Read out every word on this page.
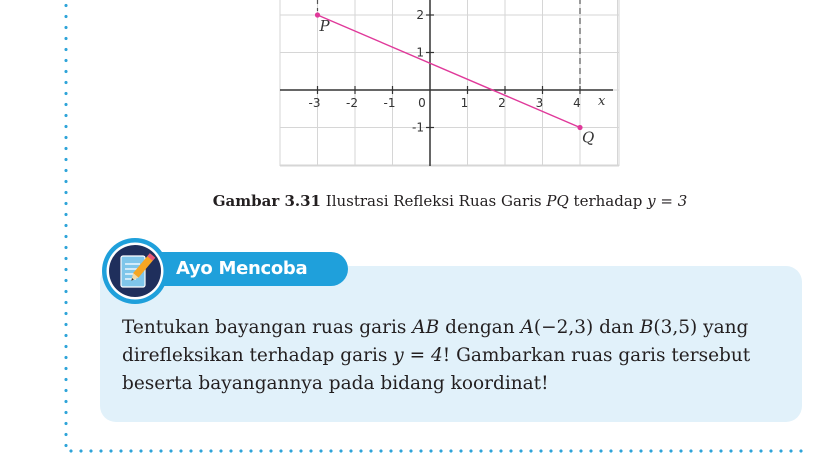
-3 -2 -1 0	1 2 3 4
2
1
-1
P
Q
x
Gambar 3.31 Ilustrasi Refleksi Ruas Garis PQ terhadap y = 3
Ayo Mencoba
Tentukan bayangan ruas garis AB dengan A(−2,3) dan B(3,5) yang direfleksikan terhadap garis y = 4! Gambarkan ruas garis tersebut beserta bayangannya pada bidang koordinat!
